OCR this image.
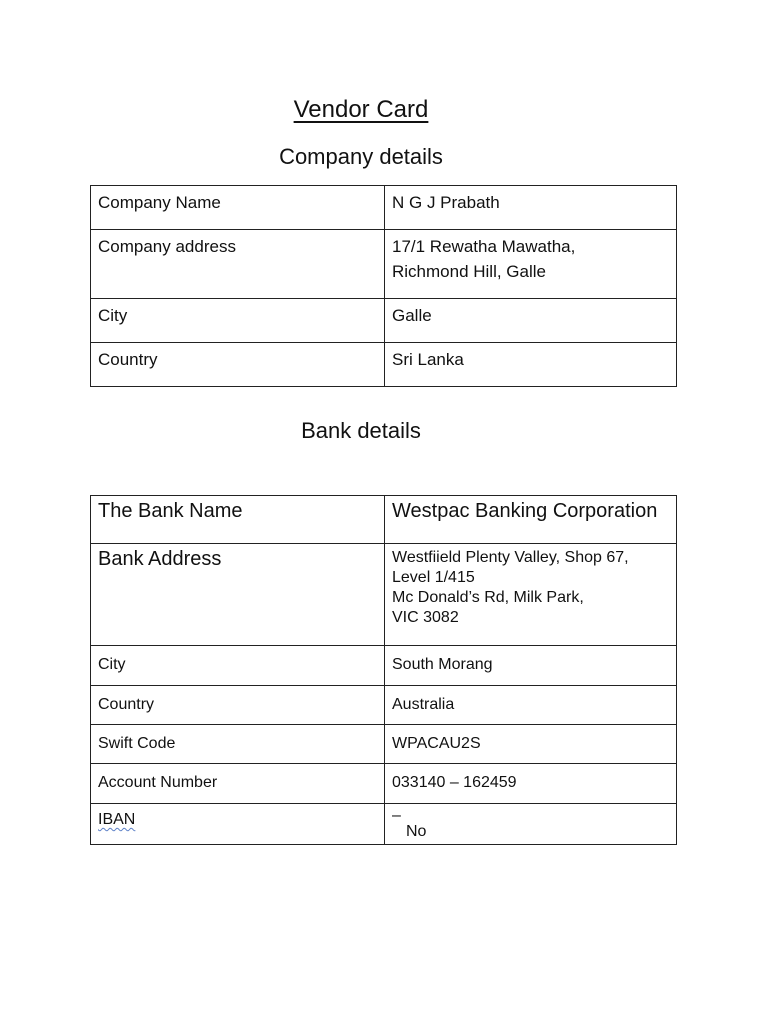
Vendor Card
Company details
Company Name	N G J Prabath
Company address	17/1 Rewatha Mawatha,
Richmond Hill, Galle
City	Galle
Country	Sri Lanka
Bank details
The Bank Name	Westpac Banking Corporation
Bank Address	Westfiield Plenty Valley, Shop 67,
Level 1/415
Mc Donald’s Rd, Milk Park,
VIC 3082
City	South Morang
Country	Australia
Swift Code	WPACAU2S
Account Number	033140 – 162459
IBAN	–
No
